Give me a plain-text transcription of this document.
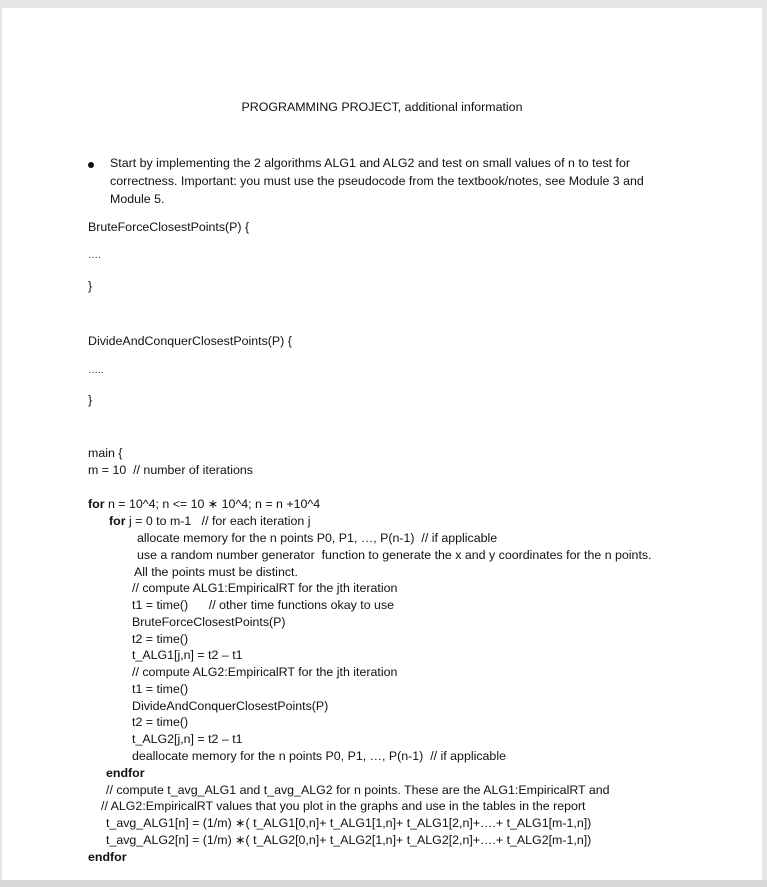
PROGRAMMING PROJECT, additional information
Start by implementing the 2 algorithms ALG1 and ALG2 and test on small values of n to test for
correctness. Important: you must use the pseudocode from the textbook/notes, see Module 3 and
Module 5.
BruteForceClosestPoints(P) {
….
}
DivideAndConquerClosestPoints(P) {
…..
}
main {
m = 10  // number of iterations
for n = 10^4; n <= 10 ∗ 10^4; n = n +10^4
for j = 0 to m-1   // for each iteration j
allocate memory for the n points P0, P1, …, P(n-1)  // if applicable
use a random number generator  function to generate the x and y coordinates for the n points.
All the points must be distinct.
// compute ALG1:EmpiricalRT for the jth iteration
t1 = time()      // other time functions okay to use
BruteForceClosestPoints(P)
t2 = time()
t_ALG1[j,n] = t2 – t1
// compute ALG2:EmpiricalRT for the jth iteration
t1 = time()
DivideAndConquerClosestPoints(P)
t2 = time()
t_ALG2[j,n] = t2 – t1
deallocate memory for the n points P0, P1, …, P(n-1)  // if applicable
endfor
// compute t_avg_ALG1 and t_avg_ALG2 for n points. These are the ALG1:EmpiricalRT and
// ALG2:EmpiricalRT values that you plot in the graphs and use in the tables in the report
t_avg_ALG1[n] = (1/m) ∗( t_ALG1[0,n]+ t_ALG1[1,n]+ t_ALG1[2,n]+….+ t_ALG1[m-1,n])
t_avg_ALG2[n] = (1/m) ∗( t_ALG2[0,n]+ t_ALG2[1,n]+ t_ALG2[2,n]+….+ t_ALG2[m-1,n])
endfor
